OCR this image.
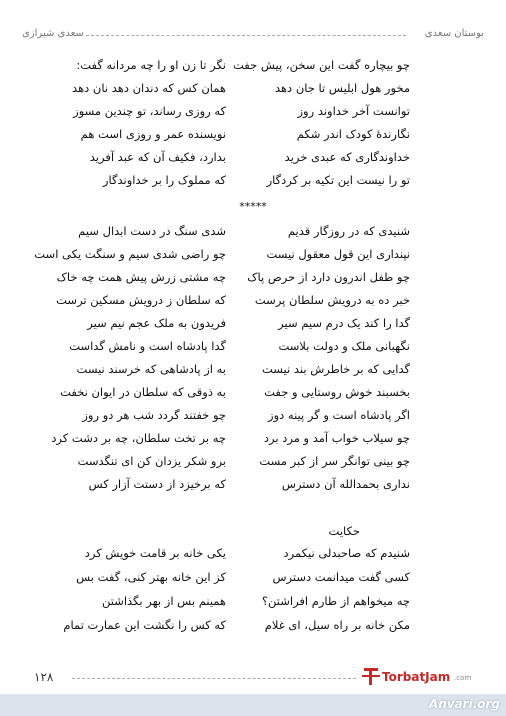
بوستان سعدی
سعدی شیرازی
چو بیچاره گفت این سخن، پیش جفت
نگر تا زن او را چه مردانه گفت:
مخور هول ابلیس تا جان دهد
همان کس که دندان دهد نان دهد
توانست آخر خداوند روز
که روزی رساند، تو چندین مسوز
نگارندهٔ کودک اندر شکم
نویسنده عمر و روزی است هم
خداوندگاری که عبدی خرید
بدارد، فکیف آن که عبد آفرید
تو را نیست این تکیه بر کردگار
که مملوک را بر خداوندگار
*****
شنیدی که در روزگار قدیم
شدی سنگ در دست ابدال سیم
نپنداری این قول معقول نیست
چو راضی شدی سیم و سنگت یکی است
چو طفل اندرون دارد از حرص پاک
چه مشتی زرش پیش همت چه خاک
خبر ده به درویش سلطان پرست
که سلطان ز درویش مسکین ترست
گدا را کند یک درم سیم سیر
فریدون به ملک عجم نیم سیر
نگهبانی ملک و دولت بلاست
گدا پادشاه است و نامش گداست
گدایی که بر خاطرش بند نیست
به از پادشاهی که خرسند نیست
بخسبند خوش روستایی و جفت
به ذوقی که سلطان در ایوان نخفت
اگر پادشاه است و گر پینه دوز
چو خفتند گردد شب هر دو روز
چو سیلاب خواب آمد و مرد برد
چه بر تخت سلطان، چه بر دشت کرد
چو بینی توانگر سر از کبر مست
برو شکر یزدان کن ای تنگدست
نداری بحمدالله آن دسترس
که برخیزد از دستت آزار کس
حکایت
شنیدم که صاحبدلی نیکمرد
یکی خانه بر قامت خویش کرد
کسی گفت میدانمت دسترس
کز این خانه بهتر کنی، گفت بس
چه میخواهم از طارم افراشتن؟
همینم بس از بهر بگذاشتن
مکن خانه بر راه سیل، ای غلام
که کس را نگشت این عمارت تمام
۱۲۸	TorbatJam .com
Anvari.org
